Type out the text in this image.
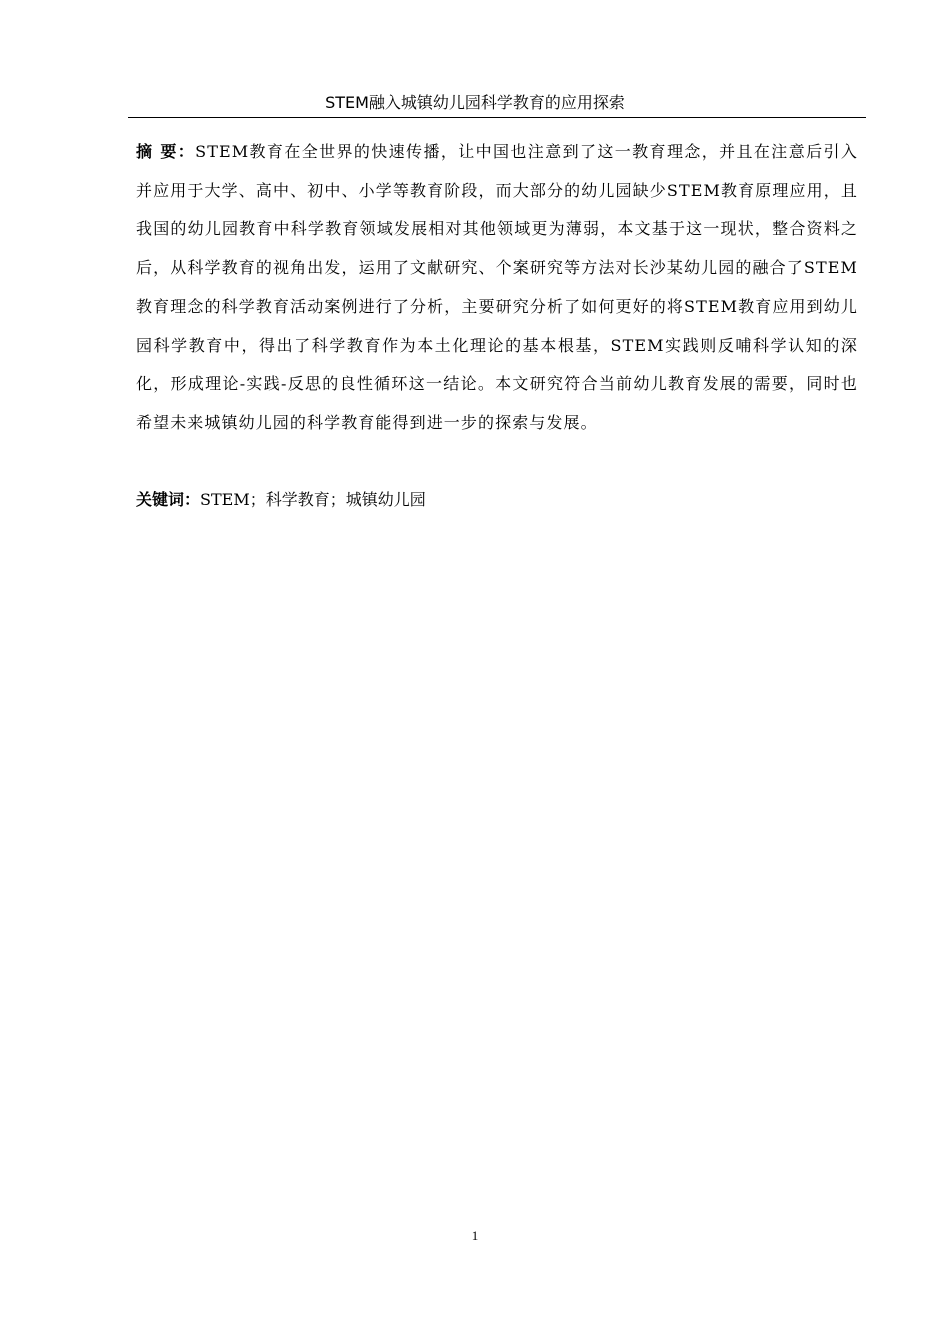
STEM融入城镇幼儿园科学教育的应用探索
摘 要：STEM教育在全世界的快速传播，让中国也注意到了这一教育理念，并且在注意后引入并应用于大学、高中、初中、小学等教育阶段，而大部分的幼儿园缺少STEM教育原理应用，且我国的幼儿园教育中科学教育领域发展相对其他领域更为薄弱，本文基于这一现状，整合资料之后，从科学教育的视角出发，运用了文献研究、个案研究等方法对长沙某幼儿园的融合了STEM教育理念的科学教育活动案例进行了分析，主要研究分析了如何更好的将STEM教育应用到幼儿园科学教育中，得出了科学教育作为本土化理论的基本根基，STEM实践则反哺科学认知的深化，形成理论-实践-反思的良性循环这一结论。本文研究符合当前幼儿教育发展的需要，同时也希望未来城镇幼儿园的科学教育能得到进一步的探索与发展。
关键词：STEM；科学教育；城镇幼儿园
1
